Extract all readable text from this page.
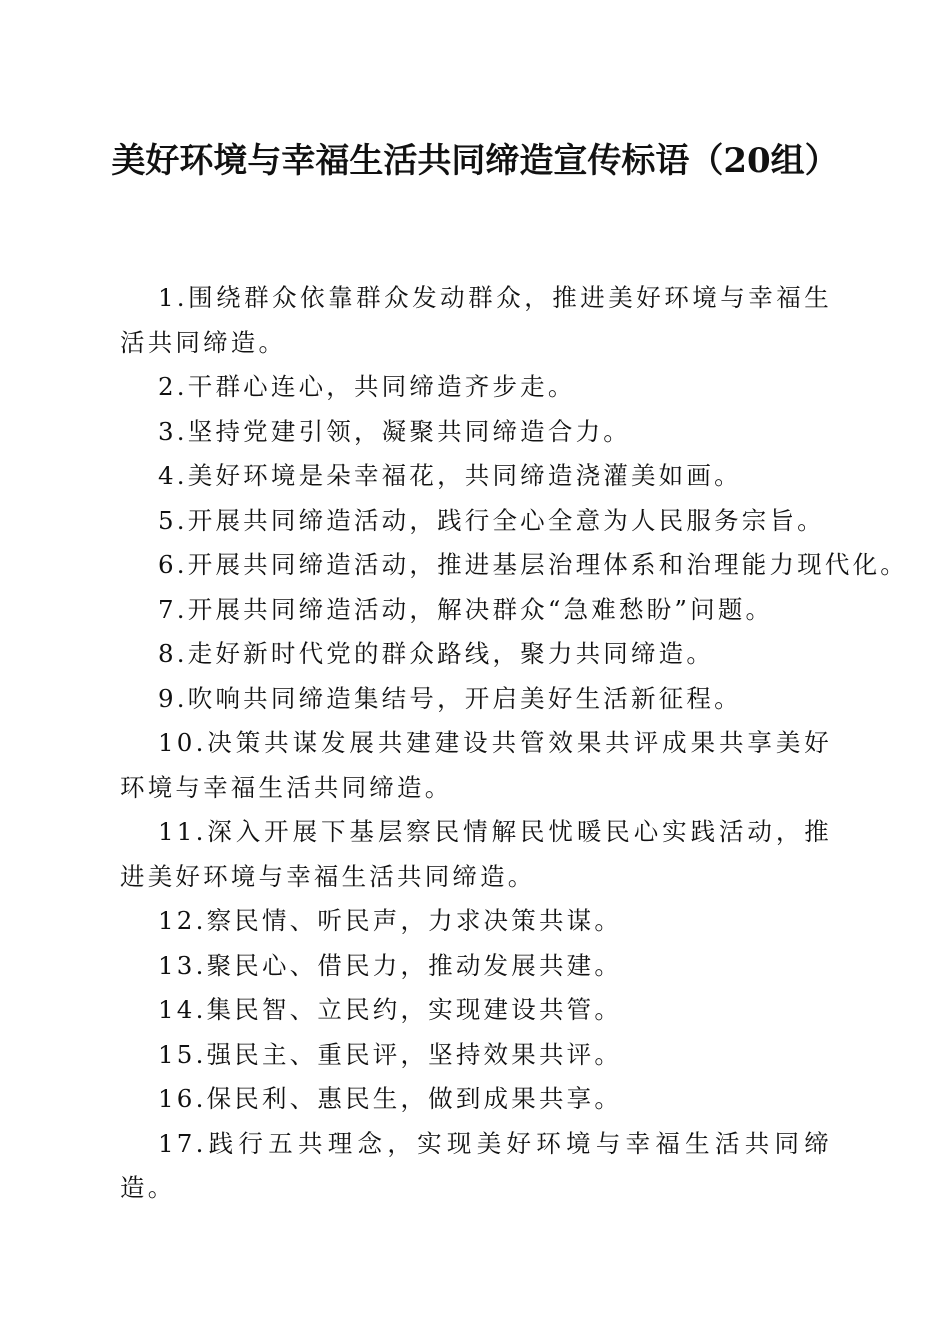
美好环境与幸福生活共同缔造宣传标语（20组）

1.围绕群众依靠群众发动群众，推进美好环境与幸福生活共同缔造。

2.干群心连心，共同缔造齐步走。

3.坚持党建引领，凝聚共同缔造合力。

4.美好环境是朵幸福花，共同缔造浇灌美如画。

5.开展共同缔造活动，践行全心全意为人民服务宗旨。

6.开展共同缔造活动，推进基层治理体系和治理能力现代化。

7.开展共同缔造活动，解决群众“急难愁盼”问题。

8.走好新时代党的群众路线，聚力共同缔造。

9.吹响共同缔造集结号，开启美好生活新征程。

10.决策共谋发展共建建设共管效果共评成果共享美好环境与幸福生活共同缔造。

11.深入开展下基层察民情解民忧暖民心实践活动，推进美好环境与幸福生活共同缔造。

12.察民情、听民声，力求决策共谋。

13.聚民心、借民力，推动发展共建。

14.集民智、立民约，实现建设共管。

15.强民主、重民评，坚持效果共评。

16.保民利、惠民生，做到成果共享。

17.践行五共理念，实现美好环境与幸福生活共同缔造。
